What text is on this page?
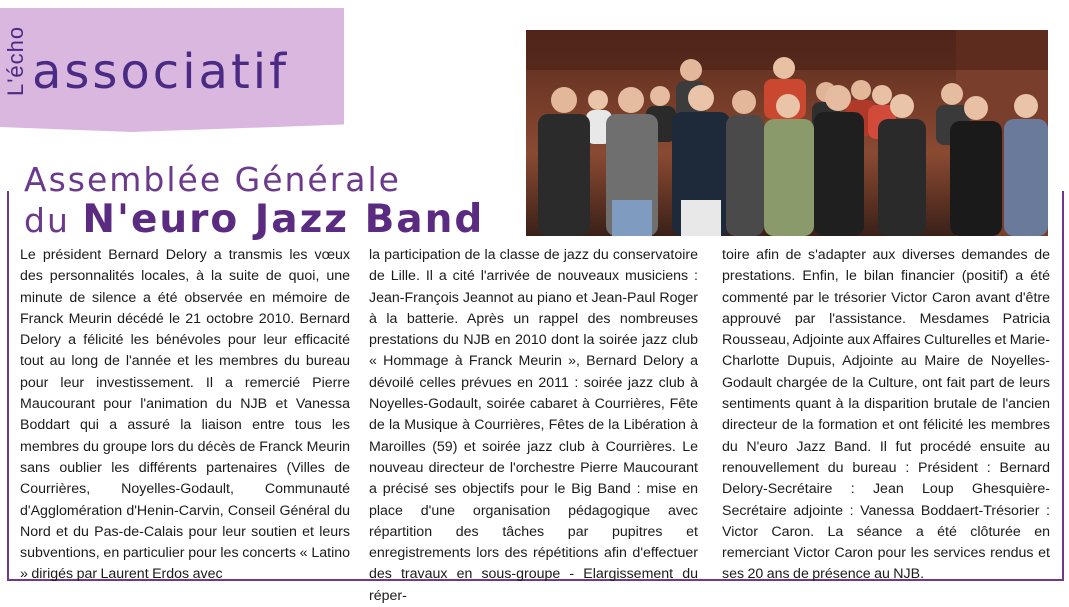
L'écho associatif
Assemblée Générale
du N'euro Jazz Band
Le président Bernard Delory a transmis les vœux des personnalités locales, à la suite de quoi, une minute de silence a été observée en mémoire de Franck Meurin décédé le 21 octobre 2010. Bernard Delory a félicité les bénévoles pour leur efficacité tout au long de l'année et les membres du bureau pour leur investissement. Il a remercié Pierre Maucourant pour l'animation du NJB et Vanessa Boddart qui a assuré la liaison entre tous les membres du groupe lors du décès de Franck Meurin sans oublier les différents partenaires (Villes de Courrières, Noyelles-Godault, Communauté d'Agglomération d'Henin-Carvin, Conseil Général du Nord et du Pas-de-Calais pour leur soutien et leurs subventions, en particulier pour les concerts « Latino » dirigés par Laurent Erdos avec
la participation de la classe de jazz du conservatoire de Lille. Il a cité l'arrivée de nouveaux musiciens : Jean-François Jeannot au piano et Jean-Paul Roger à la batterie. Après un rappel des nombreuses prestations du NJB en 2010 dont la soirée jazz club « Hommage à Franck Meurin », Bernard Delory a dévoilé celles prévues en 2011 : soirée jazz club à Noyelles-Godault, soirée cabaret à Courrières, Fête de la Musique à Courrières, Fêtes de la Libération à Maroilles (59) et soirée jazz club à Courrières. Le nouveau directeur de l'orchestre Pierre Maucourant a précisé ses objectifs pour le Big Band : mise en place d'une organisation pédagogique avec répartition des tâches par pupitres et enregistrements lors des répétitions afin d'effectuer des travaux en sous-groupe - Elargissement du réper-
toire afin de s'adapter aux diverses demandes de prestations. Enfin, le bilan financier (positif) a été commenté par le trésorier Victor Caron avant d'être approuvé par l'assistance. Mesdames Patricia Rousseau, Adjointe aux Affaires Culturelles et Marie-Charlotte Dupuis, Adjointe au Maire de Noyelles-Godault chargée de la Culture, ont fait part de leurs sentiments quant à la disparition brutale de l'ancien directeur de la formation et ont félicité les membres du N'euro Jazz Band. Il fut procédé ensuite au renouvellement du bureau : Président : Bernard Delory-Secrétaire : Jean Loup Ghesquière-Secrétaire adjointe : Vanessa Boddaert-Trésorier : Victor Caron. La séance a été clôturée en remerciant Victor Caron pour les services rendus et ses 20 ans de présence au NJB.
